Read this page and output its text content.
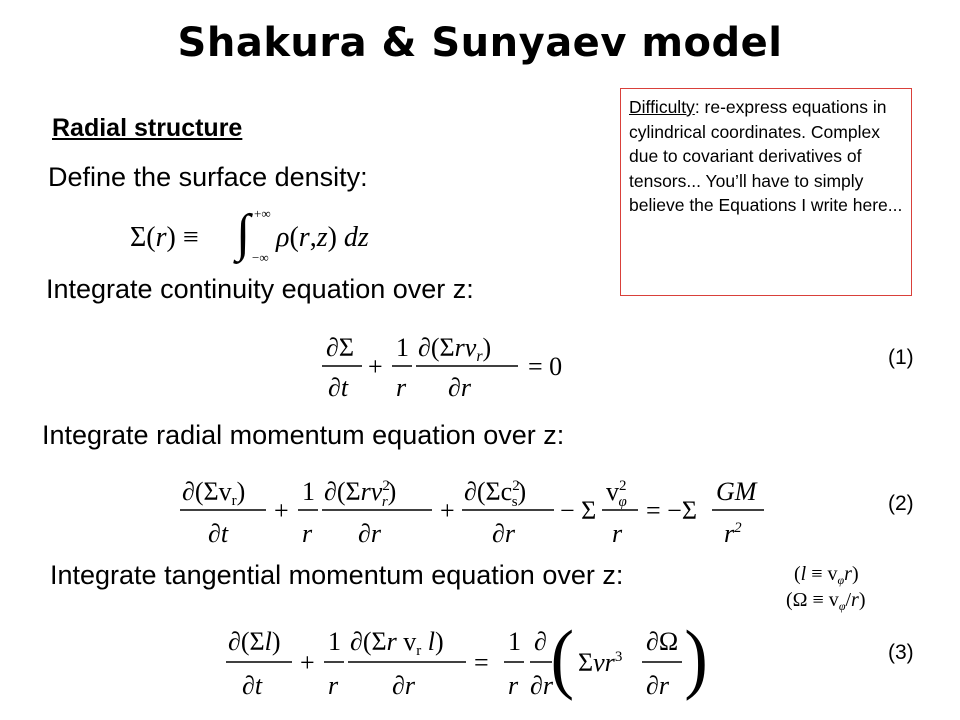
Shakura & Sunyaev model
Radial structure
Define the surface density:
Integrate continuity equation over z:
Integrate radial momentum equation over z:
Integrate tangential momentum equation over z:
Difficulty: re-express equations in cylindrical coordinates. Complex due to covariant derivatives of tensors... You’ll have to simply believe the Equations I write here...
(1)
(2)
(3)
Σ(r) ≡ ∫ +∞
−∞
ρ(r,z) dz
∂Σ
∂t
+
1
r
∂(Σrvr)
∂r
= 0
∂(Σvr)
∂t
+
1
r
∂(Σrv$^2$ r)
∂r
+
$\partial(\Sigma c^2$ s)
∂r
− Σ
$v^2$ φ
r
= −Σ
GM
$r^2$
$(l \equiv v_\varphi r)$
$(\Omega \equiv v_\varphi/r)$
∂(Σl)
∂t
+
1
r
∂(Σr vr l)
∂r
=
1
r
∂
∂r
( Σνr$^3$
∂Ω
∂r )
